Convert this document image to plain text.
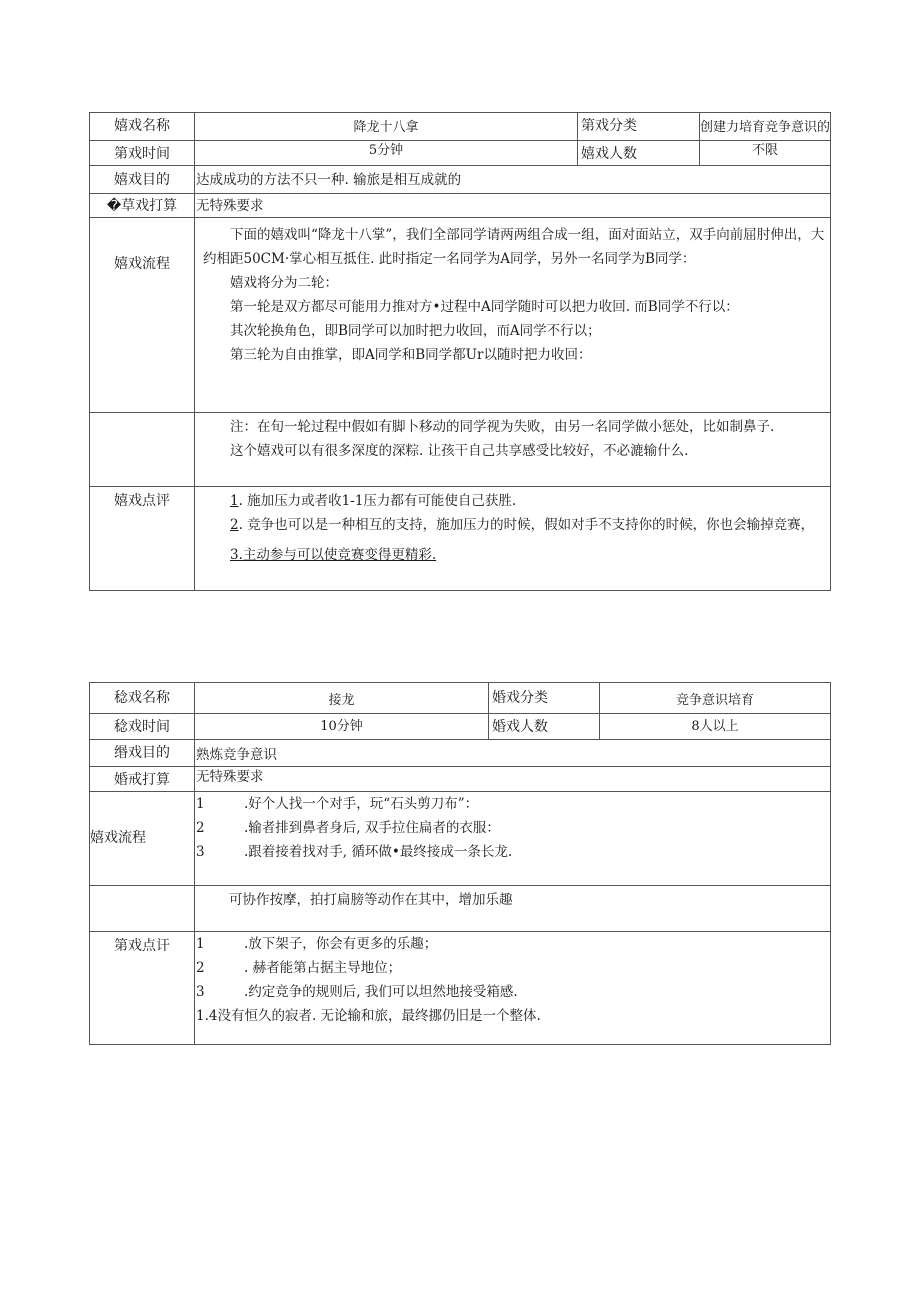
嬉戏名称	降龙十八拿	第戏分类	创建力培育竞争意识的
第戏时间	5分钟	嬉戏人数	不限
嬉戏目的	达成成功的方法不只一种. 输旅是相互成就的
�草戏打算	无特殊要求
嬉戏流程

下面的嬉戏叫“降龙十八掌”，我们全部同学请两两组合成一组，面对面站立，双手向前屈肘伸出，大约相距50CM·掌心相互抵住. 此时指定一名同学为A同学，另外一名同学为B同学：

嬉戏将分为二轮：

第一轮是双方都尽可能用力推对方•过程中A同学随时可以把力收回. 而B同学不行以：

其次轮换角色，即B同学可以加时把力收回，而A同学不行以；

第三轮为自由推掌，即A同学和B同学都Ur以随时把力收回：

注：在旬一轮过程中假如有脚卜移动的同学视为失败，由另一名同学做小惩处，比如制鼻子.

这个嬉戏可以有很多深度的深粽. 让孩干自己共享感受比较好，不必漉输什么.

嬉戏点评	1. 施加压力或者收1-1压力都有可能使自己获胜.

2. 竞争也可以是一种相互的支持，施加压力的时候，假如对手不支持你的时候，你也会输掉竞赛，

3.主动参与可以使竞赛变得更精彩.

稔戏名称	接龙	婚戏分类	竞争意识培育
稔戏时间	10分钟	婚戏人数	8人以上
缗戏目的	熟炼竞争意识
婚戒打算	无特殊要求
嬉戏流程

1	.好个人找一个对手，玩“石头剪刀布”：

2	.输者排到鼻者身后, 双手拉住扁者的衣服：

3	.跟着接着找对手, 循环做•最终接成一条长龙.

可协作按摩，拍打扁膀等动作在其中，增加乐趣
第戏点讦	1	.放下架子，你会有更多的乐趣；

2	. 赫者能第占据主导地位；

3	.约定竞争的规则后, 我们可以坦然地接受箱感.

1.4没有恒久的寂者. 无论输和旅，最终挪仍旧是一个整体.
